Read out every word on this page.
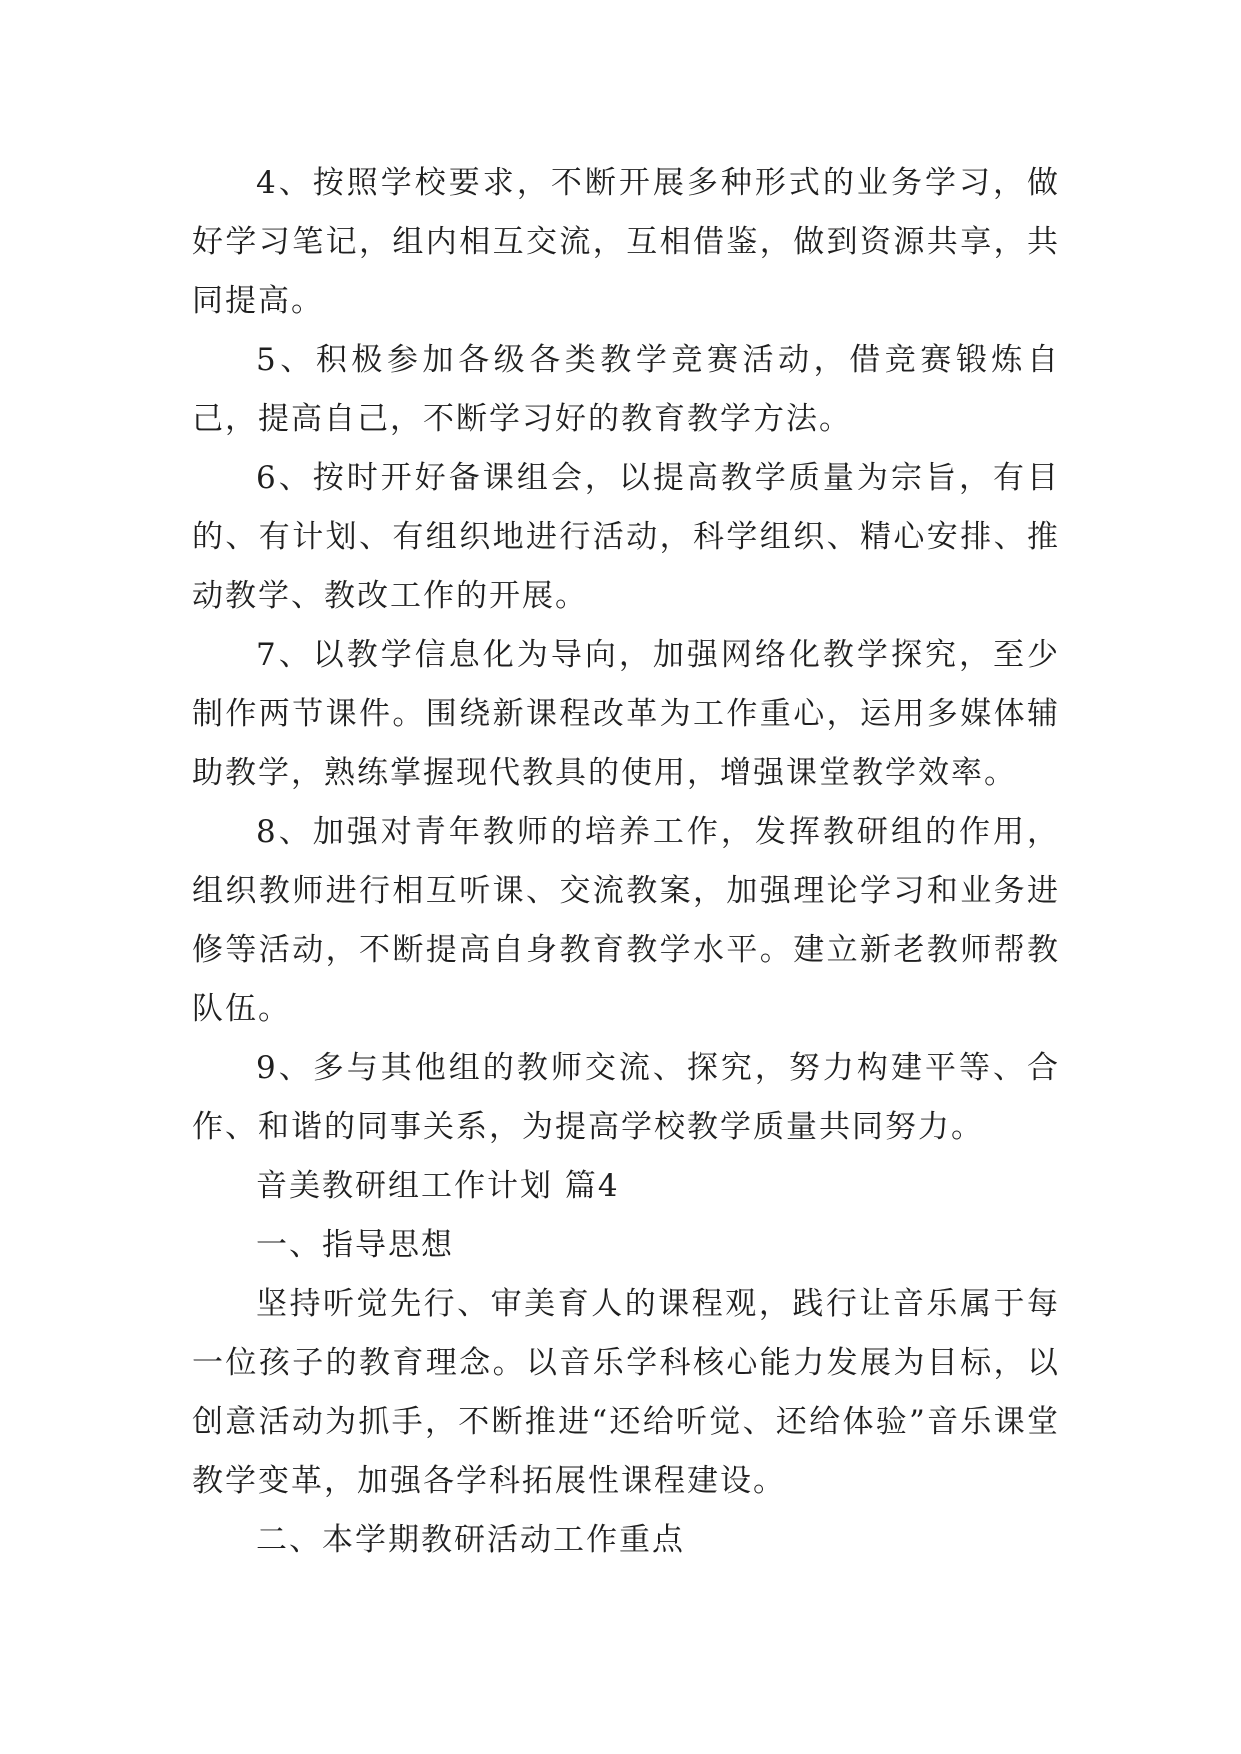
4、按照学校要求，不断开展多种形式的业务学习，做好学习笔记，组内相互交流，互相借鉴，做到资源共享，共同提高。

5、积极参加各级各类教学竞赛活动，借竞赛锻炼自己，提高自己，不断学习好的教育教学方法。

6、按时开好备课组会，以提高教学质量为宗旨，有目的、有计划、有组织地进行活动，科学组织、精心安排、推动教学、教改工作的开展。

7、以教学信息化为导向，加强网络化教学探究，至少制作两节课件。围绕新课程改革为工作重心，运用多媒体辅助教学，熟练掌握现代教具的使用，增强课堂教学效率。

8、加强对青年教师的培养工作，发挥教研组的作用，组织教师进行相互听课、交流教案，加强理论学习和业务进修等活动，不断提高自身教育教学水平。建立新老教师帮教队伍。

9、多与其他组的教师交流、探究，努力构建平等、合作、和谐的同事关系，为提高学校教学质量共同努力。

音美教研组工作计划 篇4

一、指导思想

坚持听觉先行、审美育人的课程观，践行让音乐属于每一位孩子的教育理念。以音乐学科核心能力发展为目标，以创意活动为抓手，不断推进“还给听觉、还给体验”音乐课堂教学变革，加强各学科拓展性课程建设。

二、本学期教研活动工作重点
